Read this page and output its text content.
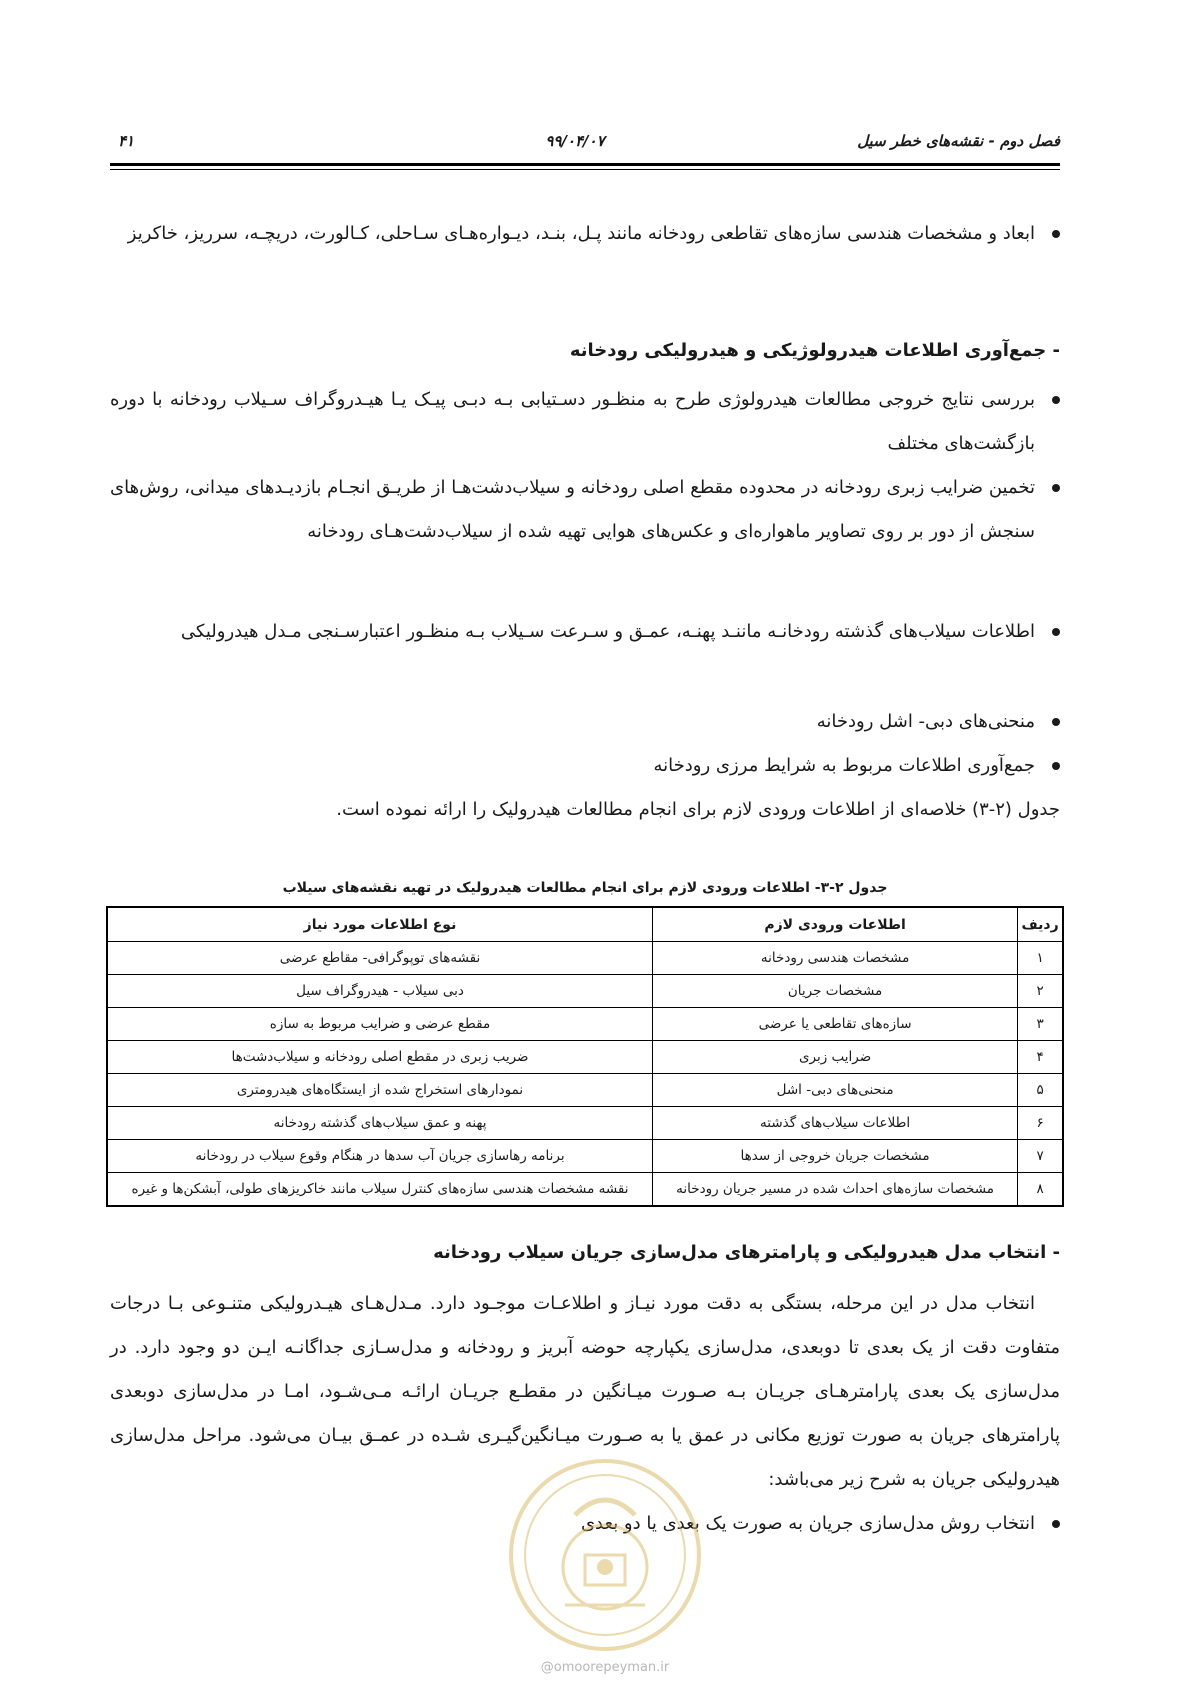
فصل دوم - نقشه‌های خطر سیل
۹۹/۰۴/۰۷
۴۱
ابعاد و مشخصات هندسی سازه‌های تقاطعی رودخانه مانند پـل، بنـد، دیـواره‌هـای سـاحلی، کـالورت، دریچـه، سرریز، خاکریز
- جمع‌آوری اطلاعات هیدرولوژیکی و هیدرولیکی رودخانه
بررسی نتایج خروجی مطالعات هیدرولوژی طرح به منظـور دسـتیابی بـه دبـی پیـک یـا هیـدروگراف سـیلاب رودخانه با دوره بازگشت‌های مختلف
تخمین ضرایب زبری رودخانه در محدوده مقطع اصلی رودخانه و سیلاب‌دشت‌هـا از طریـق انجـام بازدیـدهای میدانی، روش‌های سنجش از دور بر روی تصاویر ماهواره‌ای و عکس‌های هوایی تهیه شده از سیلاب‌دشت‌هـای رودخانه
اطلاعات سیلاب‌های گذشته رودخانـه ماننـد پهنـه، عمـق و سـرعت سـیلاب بـه منظـور اعتبارسـنجی مـدل هیدرولیکی
منحنی‌های دبی- اشل رودخانه
جمع‌آوری اطلاعات مربوط به شرایط مرزی رودخانه
جدول (۲-۳) خلاصه‌ای از اطلاعات ورودی لازم برای انجام مطالعات هیدرولیک را ارائه نموده است.
جدول ۲-۳- اطلاعات ورودی لازم برای انجام مطالعات هیدرولیک در تهیه نقشه‌های سیلاب
ردیف	اطلاعات ورودی لازم	نوع اطلاعات مورد نیاز
۱	مشخصات هندسی رودخانه	نقشه‌های توپوگرافی- مقاطع عرضی
۲	مشخصات جریان	دبی سیلاب - هیدروگراف سیل
۳	سازه‌های تقاطعی یا عرضی	مقطع عرضی و ضرایب مربوط به سازه
۴	ضرایب زبری	ضریب زبری در مقطع اصلی رودخانه و سیلاب‌دشت‌ها
۵	منحنی‌های دبی- اشل	نمودارهای استخراج شده از ایستگاه‌های هیدرومتری
۶	اطلاعات سیلاب‌های گذشته	پهنه و عمق سیلاب‌های گذشته رودخانه
۷	مشخصات جریان خروجی از سدها	برنامه رهاسازی جریان آب سدها در هنگام وقوع سیلاب در رودخانه
۸	مشخصات سازه‌های احداث شده در مسیر جریان رودخانه	نقشه مشخصات هندسی سازه‌های کنترل سیلاب مانند خاکریزهای طولی، آبشکن‌ها و غیره
- انتخاب مدل هیدرولیکی و پارامترهای مدل‌سازی جریان سیلاب رودخانه
انتخاب مدل در این مرحله، بستگی به دقت مورد نیـاز و اطلاعـات موجـود دارد. مـدل‌هـای هیـدرولیکی متنـوعی بـا درجات متفاوت دقت از یک بعدی تا دوبعدی، مدل‌سازی یکپارچه حوضه آبریز و رودخانه و مدل‌سـازی جداگانـه ایـن دو وجود دارد. در مدل‌سازی یک بعدی پارامترهـای جریـان بـه صـورت میـانگین در مقطـع جریـان ارائـه مـی‌شـود، امـا در مدل‌سازی دوبعدی پارامترهای جریان به صورت توزیع مکانی در عمق یا به صـورت میـانگین‌گیـری شـده در عمـق بیـان می‌شود. مراحل مدل‌سازی هیدرولیکی جریان به شرح زیر می‌باشد:
انتخاب روش مدل‌سازی جریان به صورت یک بعدی یا دو بعدی
@omoorepeyman.ir
